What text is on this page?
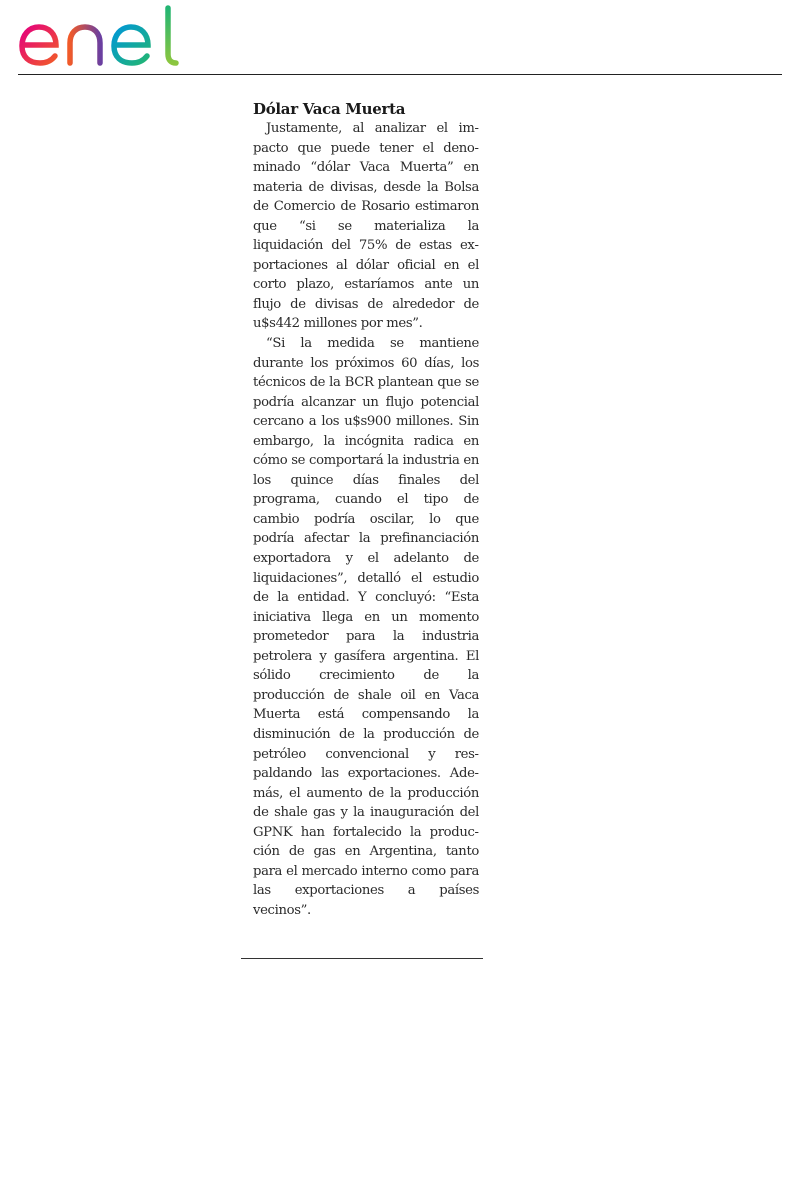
Dólar Vaca Muerta

Justamente, al analizar el impacto que puede tener el denominado “dólar Vaca Muerta” en materia de divisas, desde la Bolsa de Comercio de Rosario estimaron que “si se materializa la liquidación del 75% de estas exportaciones al dólar oficial en el corto plazo, estaríamos ante un flujo de divisas de alrededor de u$s442 millones por mes”.

“Si la medida se mantiene durante los próximos 60 días, los técnicos de la BCR plantean que se podría alcanzar un flujo potencial cercano a los u$s900 millones. Sin embargo, la incógnita radica en cómo se comportará la industria en los quince días finales del programa, cuando el tipo de cambio podría oscilar, lo que podría afectar la prefinanciación exportadora y el adelanto de liquidaciones”, detalló el estudio de la entidad. Y concluyó: “Esta iniciativa llega en un momento prometedor para la industria petrolera y gasífera argentina. El sólido crecimiento de la producción de shale oil en Vaca Muerta está compensando la disminución de la producción de petróleo convencional y respaldando las exportaciones. Además, el aumento de la producción de shale gas y la inauguración del GPNK han fortalecido la producción de gas en Argentina, tanto para el mercado interno como para las exportaciones a países vecinos”.
